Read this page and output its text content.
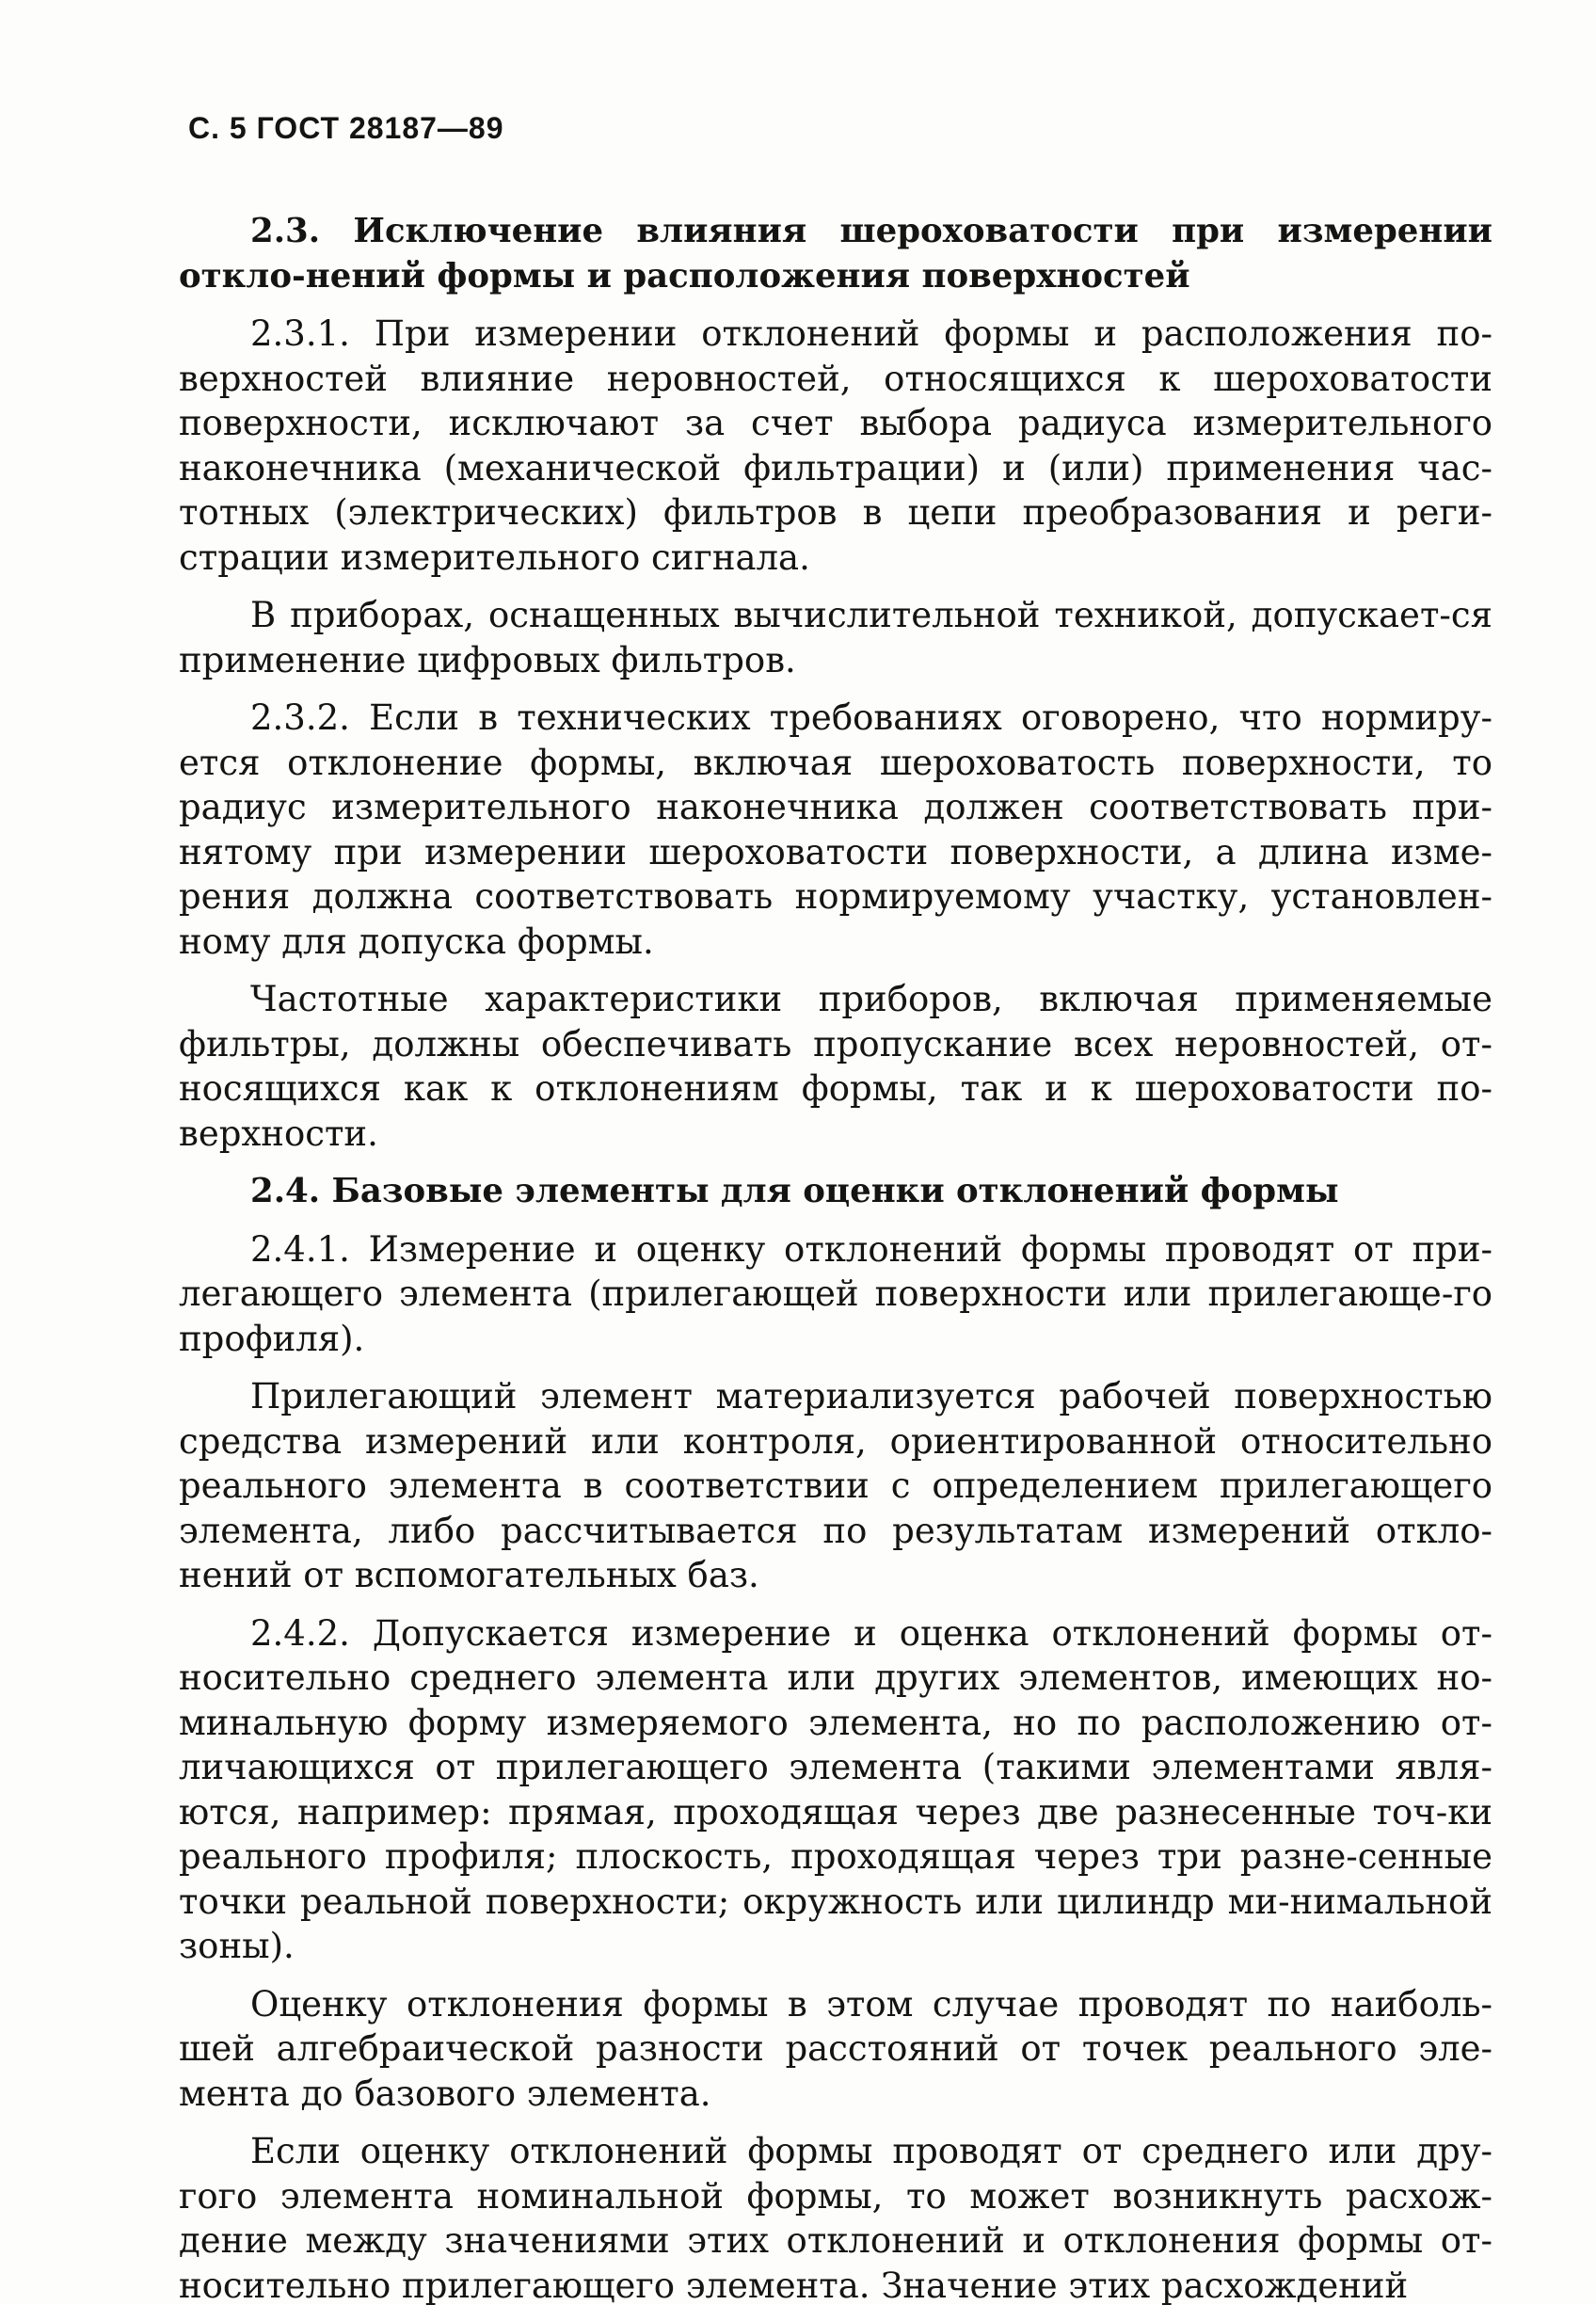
С. 5 ГОСТ 28187—89

2.3. Исключение влияния шероховатости при измерении откло-нений формы и расположения поверхностей

2.3.1. При измерении отклонений формы и расположения по-верхностей влияние неровностей, относящихся к шероховатости поверхности, исключают за счет выбора радиуса измерительного наконечника (механической фильтрации) и (или) применения час-тотных (электрических) фильтров в цепи преобразования и реги-страции измерительного сигнала.

В приборах, оснащенных вычислительной техникой, допускает-ся применение цифровых фильтров.

2.3.2. Если в технических требованиях оговорено, что нормиру-ется отклонение формы, включая шероховатость поверхности, то радиус измерительного наконечника должен соответствовать при-нятому при измерении шероховатости поверхности, а длина изме-рения должна соответствовать нормируемому участку, установлен-ному для допуска формы.

Частотные характеристики приборов, включая применяемые фильтры, должны обеспечивать пропускание всех неровностей, от-носящихся как к отклонениям формы, так и к шероховатости по-верхности.

2.4. Базовые элементы для оценки отклонений формы

2.4.1. Измерение и оценку отклонений формы проводят от при-легающего элемента (прилегающей поверхности или прилегающе-го профиля).

Прилегающий элемент материализуется рабочей поверхностью средства измерений или контроля, ориентированной относительно реального элемента в соответствии с определением прилегающего элемента, либо рассчитывается по результатам измерений откло-нений от вспомогательных баз.

2.4.2. Допускается измерение и оценка отклонений формы от-носительно среднего элемента или других элементов, имеющих но-минальную форму измеряемого элемента, но по расположению от-личающихся от прилегающего элемента (такими элементами явля-ются, например: прямая, проходящая через две разнесенные точ-ки реального профиля; плоскость, проходящая через три разне-сенные точки реальной поверхности; окружность или цилиндр ми-нимальной зоны).

Оценку отклонения формы в этом случае проводят по наиболь-шей алгебраической разности расстояний от точек реального эле-мента до базового элемента.

Если оценку отклонений формы проводят от среднего или дру-гого элемента номинальной формы, то может возникнуть расхож-дение между значениями этих отклонений и отклонения формы от-носительно прилегающего элемента. Значение этих расхождений
